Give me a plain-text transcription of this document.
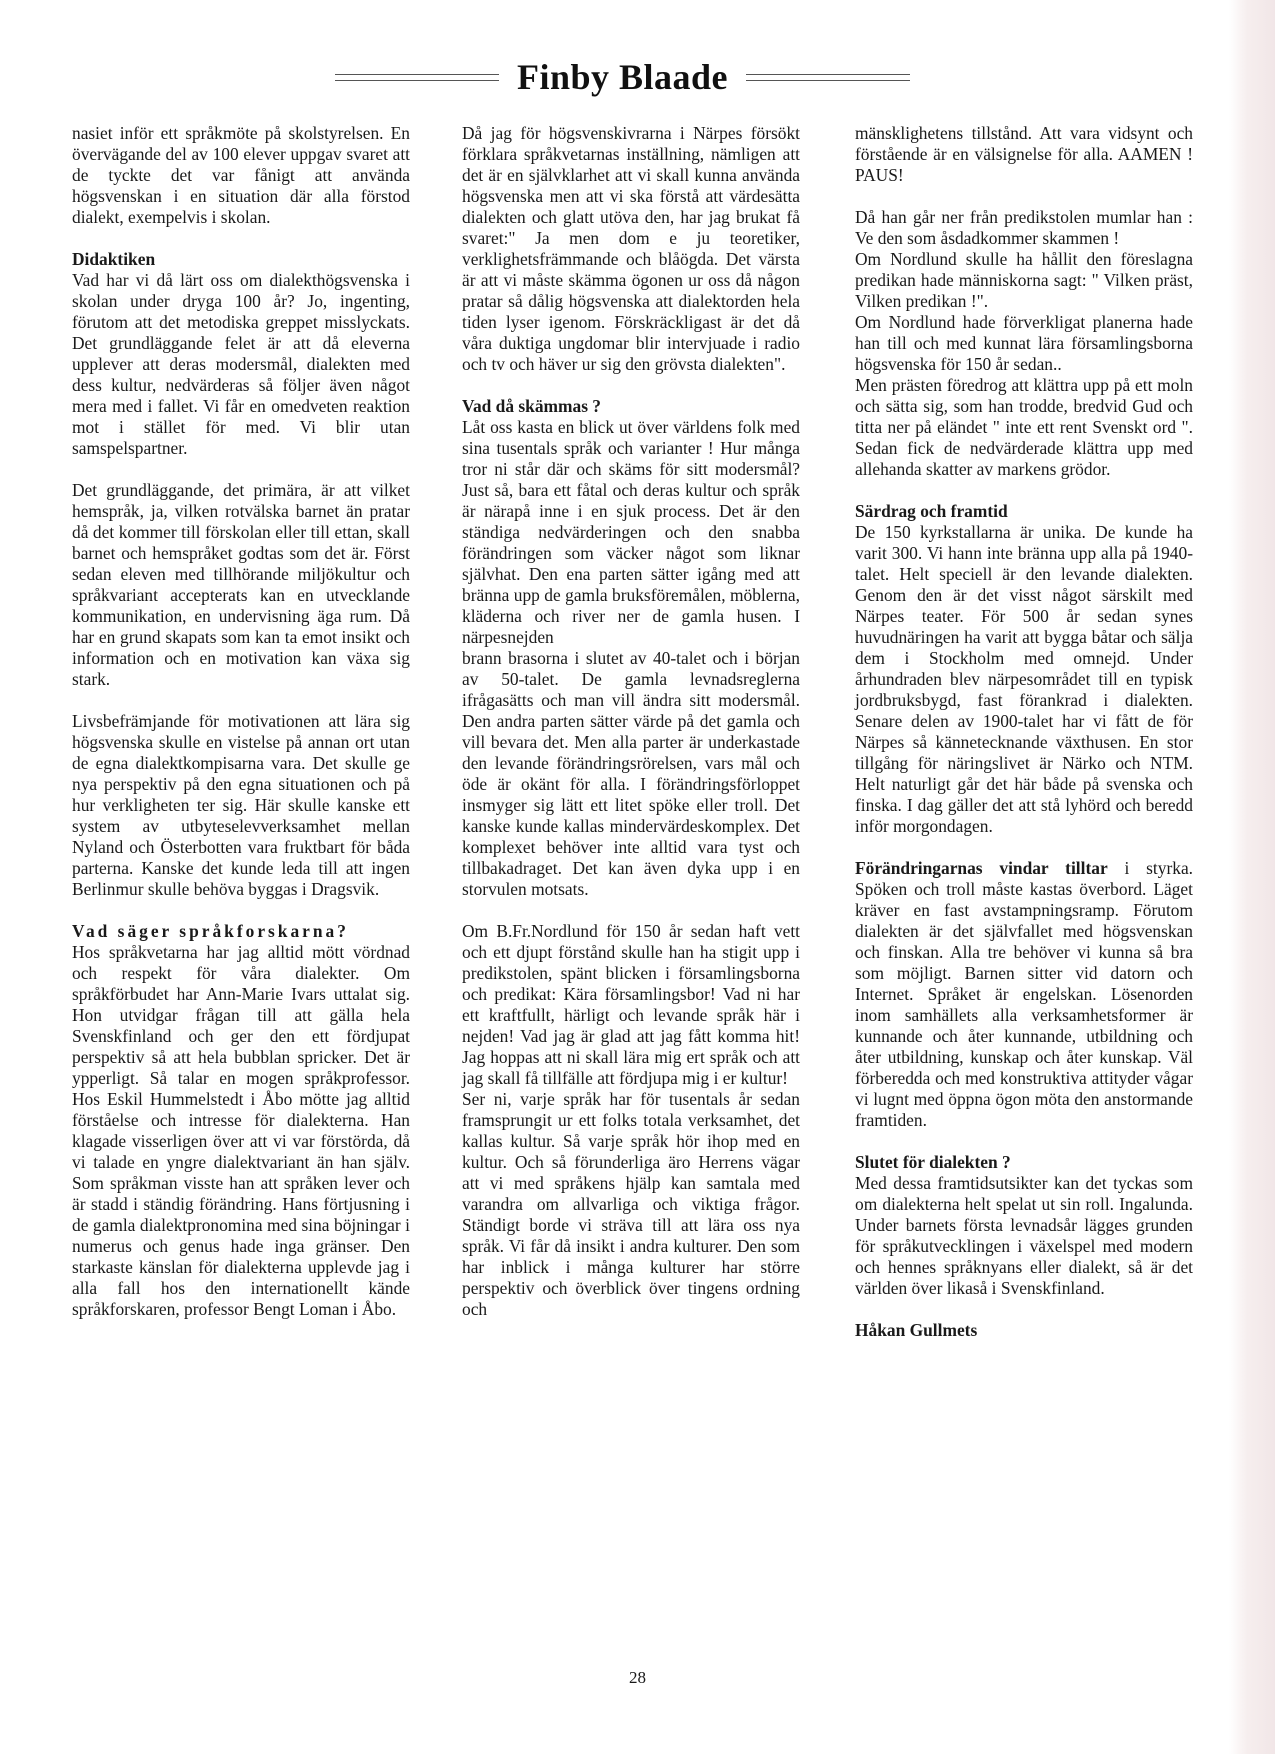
Finby Blaade

nasiet inför ett språkmöte på skolstyrelsen. En övervägande del av 100 elever uppgav svaret att de tyckte det var fånigt att använda högsvenskan i en situation där alla förstod dialekt, exempelvis i skolan.

Didaktiken

Vad har vi då lärt oss om dialekthögsvenska i skolan under dryga 100 år? Jo, ingenting, förutom att det metodiska greppet misslyckats. Det grundläggande felet är att då eleverna upplever att deras modersmål, dialekten med dess kultur, nedvärderas så följer även något mera med i fallet. Vi får en omedveten reaktion mot i stället för med. Vi blir utan samspelspartner.

Det grundläggande, det primära, är att vilket hemspråk, ja, vilken rotvälska barnet än pratar då det kommer till förskolan eller till ettan, skall barnet och hemspråket godtas som det är. Först sedan eleven med tillhörande miljökultur och språkvariant accepterats kan en utvecklande kommunikation, en undervisning äga rum. Då har en grund skapats som kan ta emot insikt och information och en motivation kan växa sig stark.

Livsbefrämjande för motivationen att lära sig högsvenska skulle en vistelse på annan ort utan de egna dialektkompisarna vara. Det skulle ge nya perspektiv på den egna situationen och på hur verkligheten ter sig. Här skulle kanske ett system av utbyteselevverksamhet mellan Nyland och Österbotten vara fruktbart för båda parterna. Kanske det kunde leda till att ingen Berlinmur skulle behöva byggas i Dragsvik.

Vad säger språkforskarna?

Hos språkvetarna har jag alltid mött vördnad och respekt för våra dialekter. Om språkförbudet har Ann-Marie Ivars uttalat sig. Hon utvidgar frågan till att gälla hela Svenskfinland och ger den ett fördjupat perspektiv så att hela bubblan spricker. Det är ypperligt. Så talar en mogen språkprofessor. Hos Eskil Hummelstedt i Åbo mötte jag alltid förståelse och intresse för dialekterna. Han klagade visserligen över att vi var förstörda, då vi talade en yngre dialektvariant än han själv. Som språkman visste han att språken lever och är stadd i ständig förändring. Hans förtjusning i de gamla dialektpronomina med sina böjningar i numerus och genus hade inga gränser. Den starkaste känslan för dialekterna upplevde jag i alla fall hos den internationellt kände språkforskaren, professor Bengt Loman i Åbo.

Då jag för högsvenskivrarna i Närpes försökt förklara språkvetarnas inställning, nämligen att det är en självklarhet att vi skall kunna använda högsvenska men att vi ska förstå att värdesätta dialekten och glatt utöva den, har jag brukat få svaret:" Ja men dom e ju teoretiker, verklighetsfrämmande och blåögda. Det värsta är att vi måste skämma ögonen ur oss då någon pratar så dålig högsvenska att dialektorden hela tiden lyser igenom. Förskräckligast är det då våra duktiga ungdomar blir intervjuade i radio och tv och häver ur sig den grövsta dialekten".

Vad då skämmas ?

Låt oss kasta en blick ut över världens folk med sina tusentals språk och varianter ! Hur många tror ni står där och skäms för sitt modersmål? Just så, bara ett fåtal och deras kultur och språk är närapå inne i en sjuk process. Det är den ständiga nedvärderingen och den snabba förändringen som väcker något som liknar självhat. Den ena parten sätter igång med att bränna upp de gamla bruksföremålen, möblerna, kläderna och river ner de gamla husen. I närpesnejden

brann brasorna i slutet av 40-talet och i början av 50-talet. De gamla levnadsreglerna ifrågasätts och man vill ändra sitt modersmål. Den andra parten sätter värde på det gamla och vill bevara det. Men alla parter är underkastade den levande förändringsrörelsen, vars mål och öde är okänt för alla. I förändringsförloppet insmyger sig lätt ett litet spöke eller troll. Det kanske kunde kallas mindervärdeskomplex. Det komplexet behöver inte alltid vara tyst och tillbakadraget. Det kan även dyka upp i en storvulen motsats.

Om B.Fr.Nordlund för 150 år sedan haft vett och ett djupt förstånd skulle han ha stigit upp i predikstolen, spänt blicken i församlingsborna och predikat: Kära församlingsbor! Vad ni har ett kraftfullt, härligt och levande språk här i nejden! Vad jag är glad att jag fått komma hit! Jag hoppas att ni skall lära mig ert språk och att jag skall få tillfälle att fördjupa mig i er kultur!

Ser ni, varje språk har för tusentals år sedan framsprungit ur ett folks totala verksamhet, det kallas kultur. Så varje språk hör ihop med en kultur. Och så förunderliga äro Herrens vägar att vi med språkens hjälp kan samtala med varandra om allvarliga och viktiga frågor. Ständigt borde vi sträva till att lära oss nya språk. Vi får då insikt i andra kulturer. Den som har inblick i många kulturer har större perspektiv och överblick över tingens ordning och

mänsklighetens tillstånd. Att vara vidsynt och förstående är en välsignelse för alla. AAMEN ! PAUS!

Då han går ner från predikstolen mumlar han : Ve den som åsdadkommer skammen !

Om Nordlund skulle ha hållit den föreslagna predikan hade människorna sagt: " Vilken präst, Vilken predikan !".

Om Nordlund hade förverkligat planerna hade han till och med kunnat lära församlingsborna högsvenska för 150 år sedan..

Men prästen föredrog att klättra upp på ett moln och sätta sig, som han trodde, bredvid Gud och titta ner på eländet " inte ett rent Svenskt ord ". Sedan fick de nedvärderade klättra upp med allehanda skatter av markens grödor.

Särdrag och framtid

De 150 kyrkstallarna är unika. De kunde ha varit 300. Vi hann inte bränna upp alla på 1940-talet. Helt speciell är den levande dialekten. Genom den är det visst något särskilt med Närpes teater. För 500 år sedan synes huvudnäringen ha varit att bygga båtar och sälja dem i Stockholm med omnejd. Under århundraden blev närpesområdet till en typisk jordbruksbygd, fast förankrad i dialekten. Senare delen av 1900-talet har vi fått de för Närpes så kännetecknande växthusen. En stor tillgång för näringslivet är Närko och NTM. Helt naturligt går det här både på svenska och finska. I dag gäller det att stå lyhörd och beredd inför morgondagen.

Förändringarnas vindar tilltar i styrka. Spöken och troll måste kastas överbord. Läget kräver en fast avstampningsramp. Förutom dialekten är det självfallet med högsvenskan och finskan. Alla tre behöver vi kunna så bra som möjligt. Barnen sitter vid datorn och Internet. Språket är engelskan. Lösenorden inom samhällets alla verksamhetsformer är kunnande och åter kunnande, utbildning och åter utbildning, kunskap och åter kunskap. Väl förberedda och med konstruktiva attityder vågar vi lugnt med öppna ögon möta den anstormande framtiden.

Slutet för dialekten ?

Med dessa framtidsutsikter kan det tyckas som om dialekterna helt spelat ut sin roll. Ingalunda. Under barnets första levnadsår lägges grunden för språkutvecklingen i växelspel med modern och hennes språknyans eller dialekt, så är det världen över likaså i Svenskfinland.

Håkan Gullmets

28
